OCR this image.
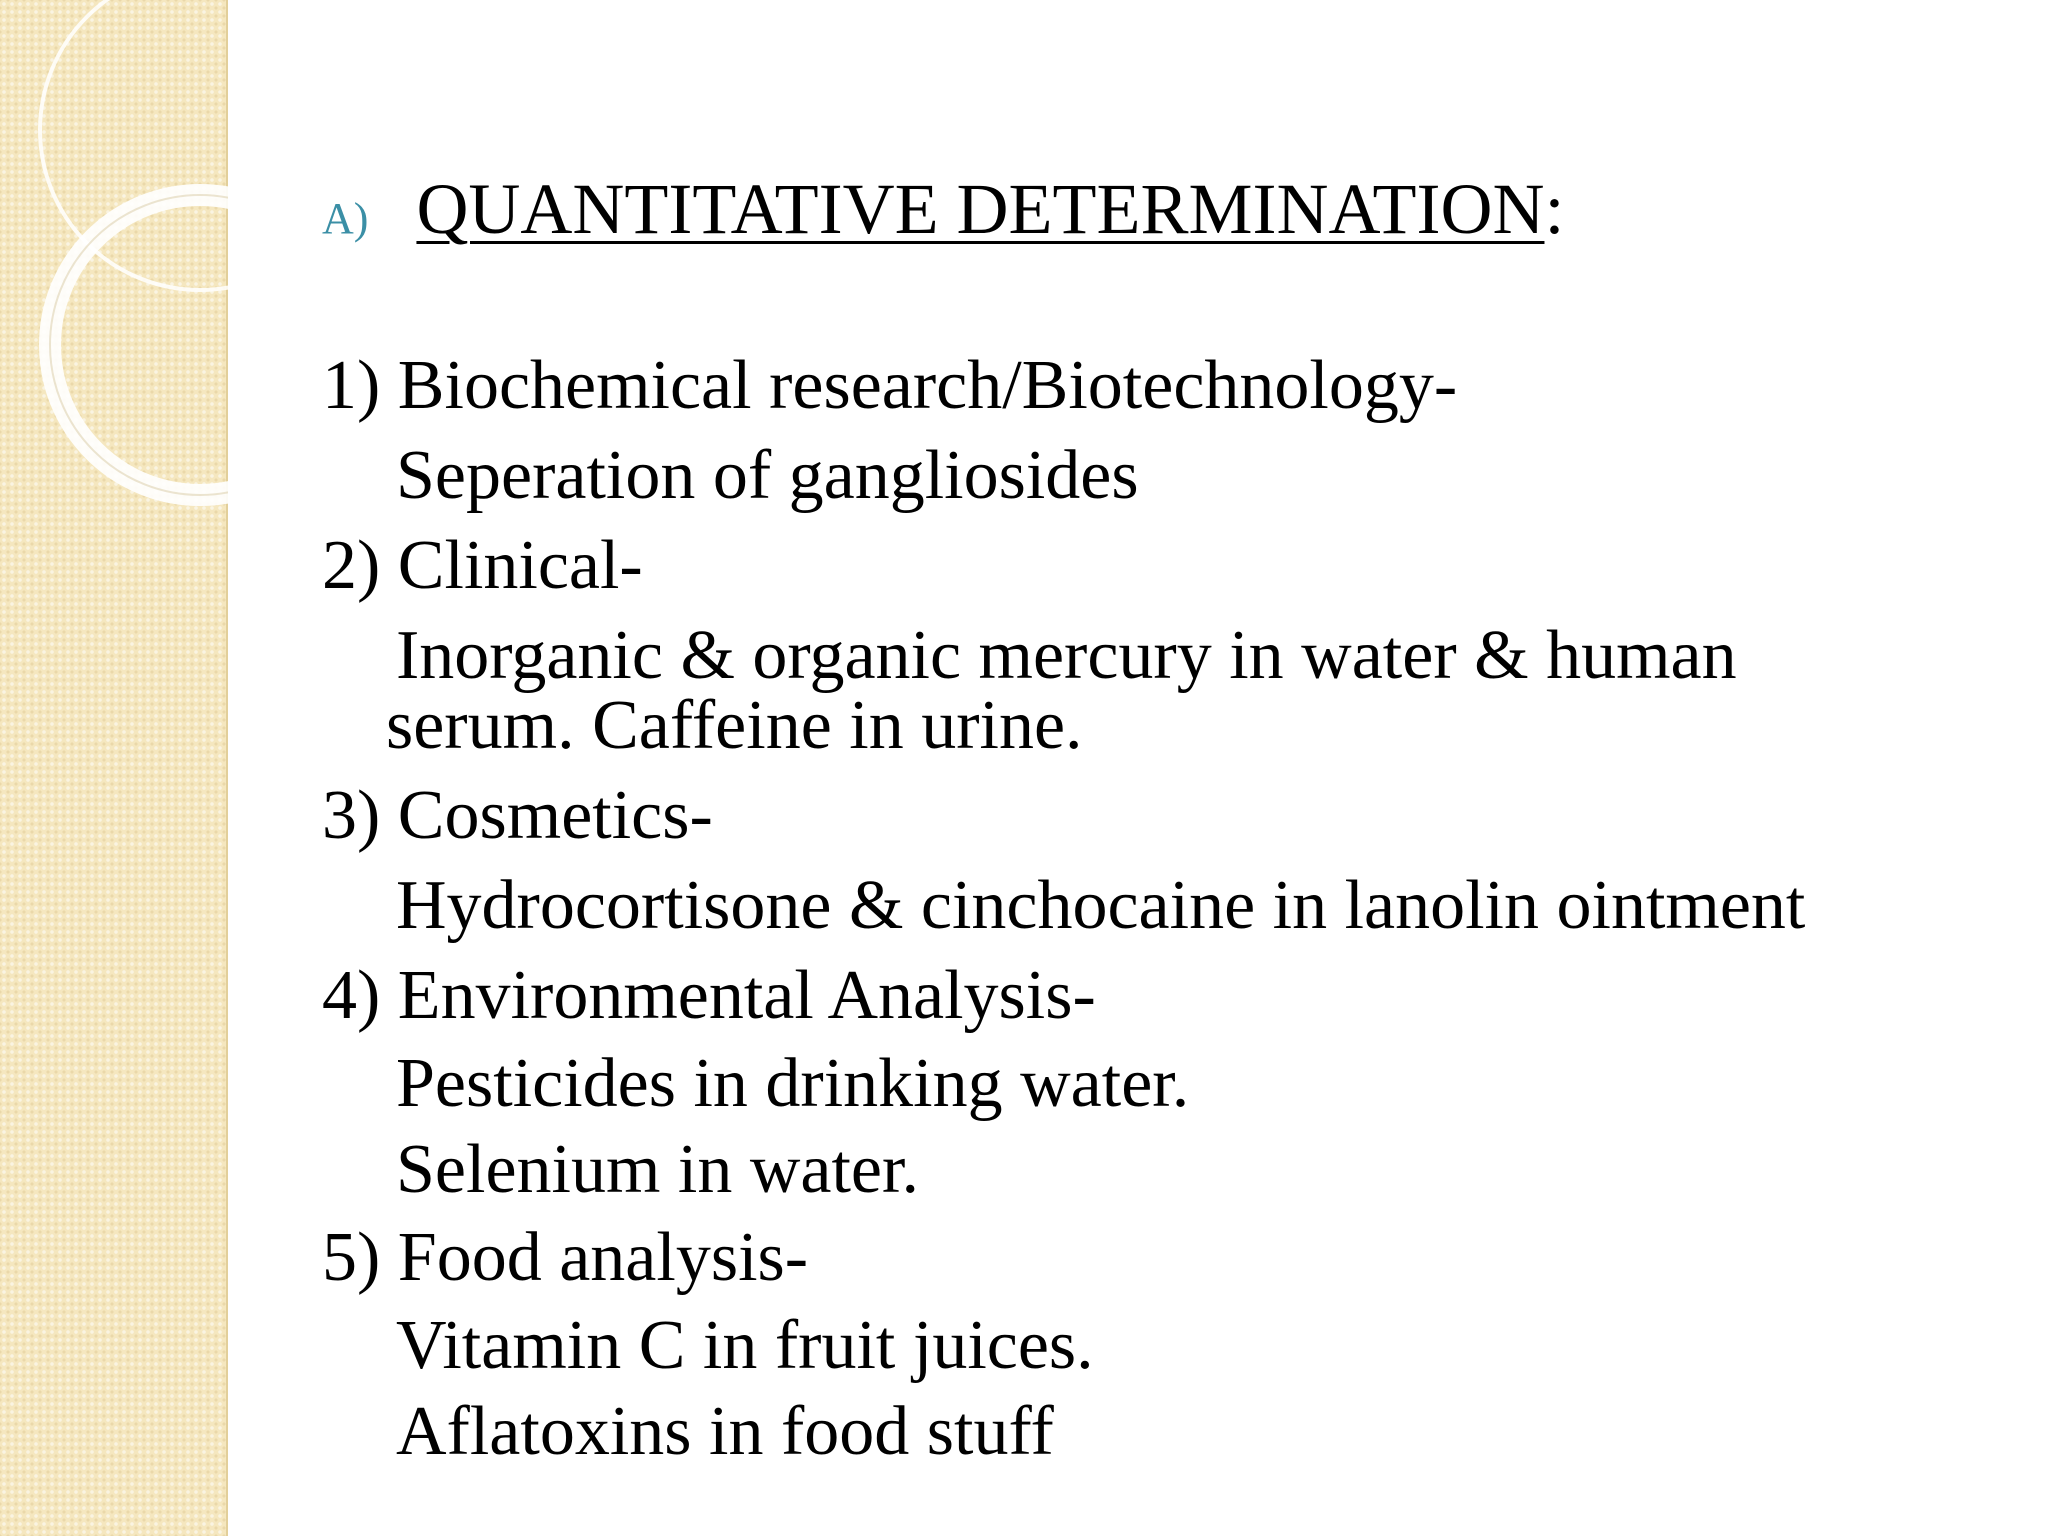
A) QUANTITATIVE DETERMINATION :
1) Biochemical research/Biotechnology-
Seperation of gangliosides
2) Clinical-
Inorganic & organic mercury in water & human
serum. Caffeine in urine.
3) Cosmetics-
Hydrocortisone & cinchocaine in lanolin ointment
4) Environmental Analysis-
Pesticides in drinking water.
Selenium in water.
5) Food analysis-
Vitamin C in fruit juices.
Aflatoxins in food stuff
